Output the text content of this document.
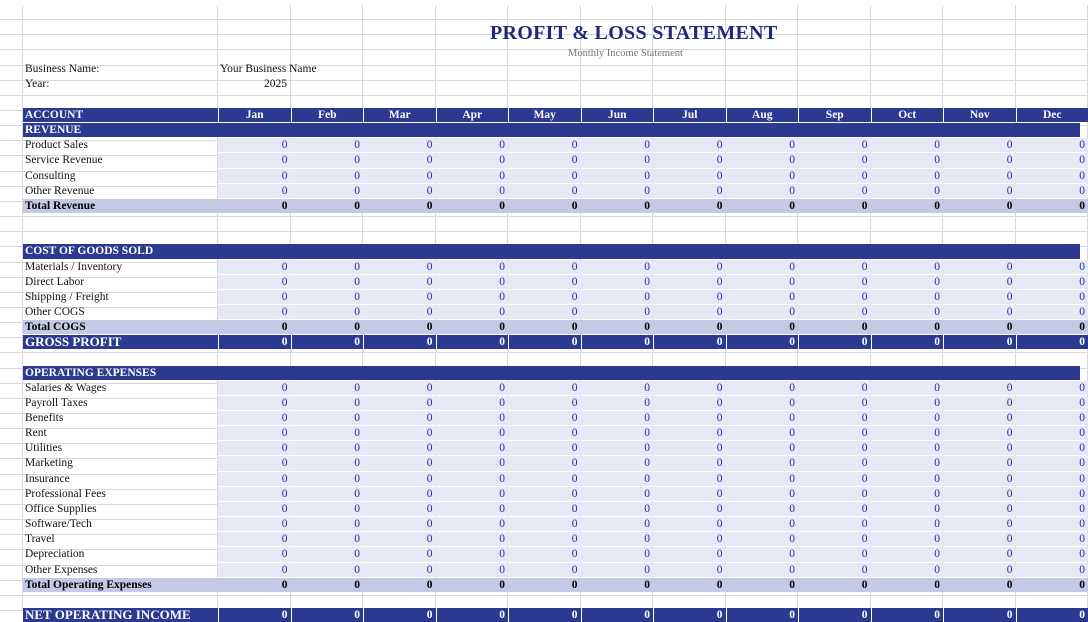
PROFIT & LOSS STATEMENT
Monthly Income Statement
Business Name:	Your Business Name
Year:	2025
ACCOUNT	Jan	Feb	Mar	Apr	May	Jun	Jul	Aug	Sep	Oct	Nov	Dec
REVENUE
Product Sales	0	0	0	0	0	0	0	0	0	0	0	0
Service Revenue	0	0	0	0	0	0	0	0	0	0	0	0
Consulting	0	0	0	0	0	0	0	0	0	0	0	0
Other Revenue	0	0	0	0	0	0	0	0	0	0	0	0
Total Revenue	0	0	0	0	0	0	0	0	0	0	0	0
COST OF GOODS SOLD
Materials / Inventory	0	0	0	0	0	0	0	0	0	0	0	0
Direct Labor	0	0	0	0	0	0	0	0	0	0	0	0
Shipping / Freight	0	0	0	0	0	0	0	0	0	0	0	0
Other COGS	0	0	0	0	0	0	0	0	0	0	0	0
Total COGS	0	0	0	0	0	0	0	0	0	0	0	0
GROSS PROFIT	0	0	0	0	0	0	0	0	0	0	0	0
OPERATING EXPENSES
Salaries & Wages	0	0	0	0	0	0	0	0	0	0	0	0
Payroll Taxes	0	0	0	0	0	0	0	0	0	0	0	0
Benefits	0	0	0	0	0	0	0	0	0	0	0	0
Rent	0	0	0	0	0	0	0	0	0	0	0	0
Utilities	0	0	0	0	0	0	0	0	0	0	0	0
Marketing	0	0	0	0	0	0	0	0	0	0	0	0
Insurance	0	0	0	0	0	0	0	0	0	0	0	0
Professional Fees	0	0	0	0	0	0	0	0	0	0	0	0
Office Supplies	0	0	0	0	0	0	0	0	0	0	0	0
Software/Tech	0	0	0	0	0	0	0	0	0	0	0	0
Travel	0	0	0	0	0	0	0	0	0	0	0	0
Depreciation	0	0	0	0	0	0	0	0	0	0	0	0
Other Expenses	0	0	0	0	0	0	0	0	0	0	0	0
Total Operating Expenses	0	0	0	0	0	0	0	0	0	0	0	0
NET OPERATING INCOME	0	0	0	0	0	0	0	0	0	0	0	0
